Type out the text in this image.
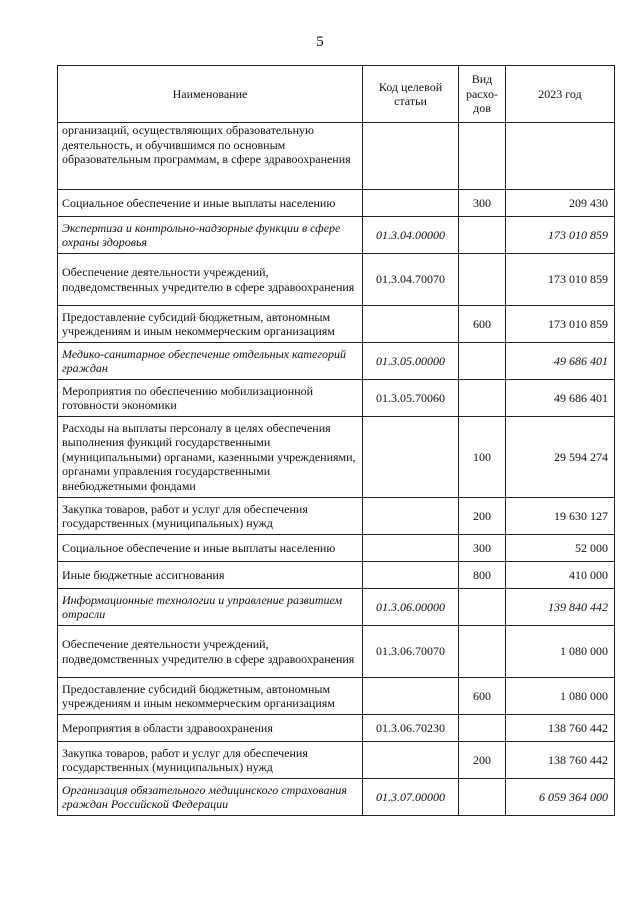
5
Наименование	Код целевой статьи	Вид расхо-дов	2023 год
организаций, осуществляющих образовательную деятельность, и обучившимся по основным образовательным программам, в сфере здравоохранения			
Социальное обеспечение и иные выплаты населению		300	209 430
Экспертиза и контрольно-надзорные функции в сфере охраны здоровья	01.3.04.00000		173 010 859
Обеспечение деятельности учреждений, подведомственных учредителю в сфере здравоохранения	01.3.04.70070		173 010 859
Предоставление субсидий бюджетным, автономным учреждениям и иным некоммерческим организациям		600	173 010 859
Медико-санитарное обеспечение отдельных категорий граждан	01.3.05.00000		49 686 401
Мероприятия по обеспечению мобилизационной готовности экономики	01.3.05.70060		49 686 401
Расходы на выплаты персоналу в целях обеспечения выполнения функций государственными (муниципальными) органами, казенными учреждениями, органами управления государственными внебюджетными фондами		100	29 594 274
Закупка товаров, работ и услуг для обеспечения государственных (муниципальных) нужд		200	19 630 127
Социальное обеспечение и иные выплаты населению		300	52 000
Иные бюджетные ассигнования		800	410 000
Информационные технологии и управление развитием отрасли	01.3.06.00000		139 840 442
Обеспечение деятельности учреждений, подведомственных учредителю в сфере здравоохранения	01.3.06.70070		1 080 000
Предоставление субсидий бюджетным, автономным учреждениям и иным некоммерческим организациям		600	1 080 000
Мероприятия в области здравоохранения	01.3.06.70230		138 760 442
Закупка товаров, работ и услуг для обеспечения государственных (муниципальных) нужд		200	138 760 442
Организация обязательного медицинского страхования граждан Российской Федерации	01.3.07.00000		6 059 364 000
